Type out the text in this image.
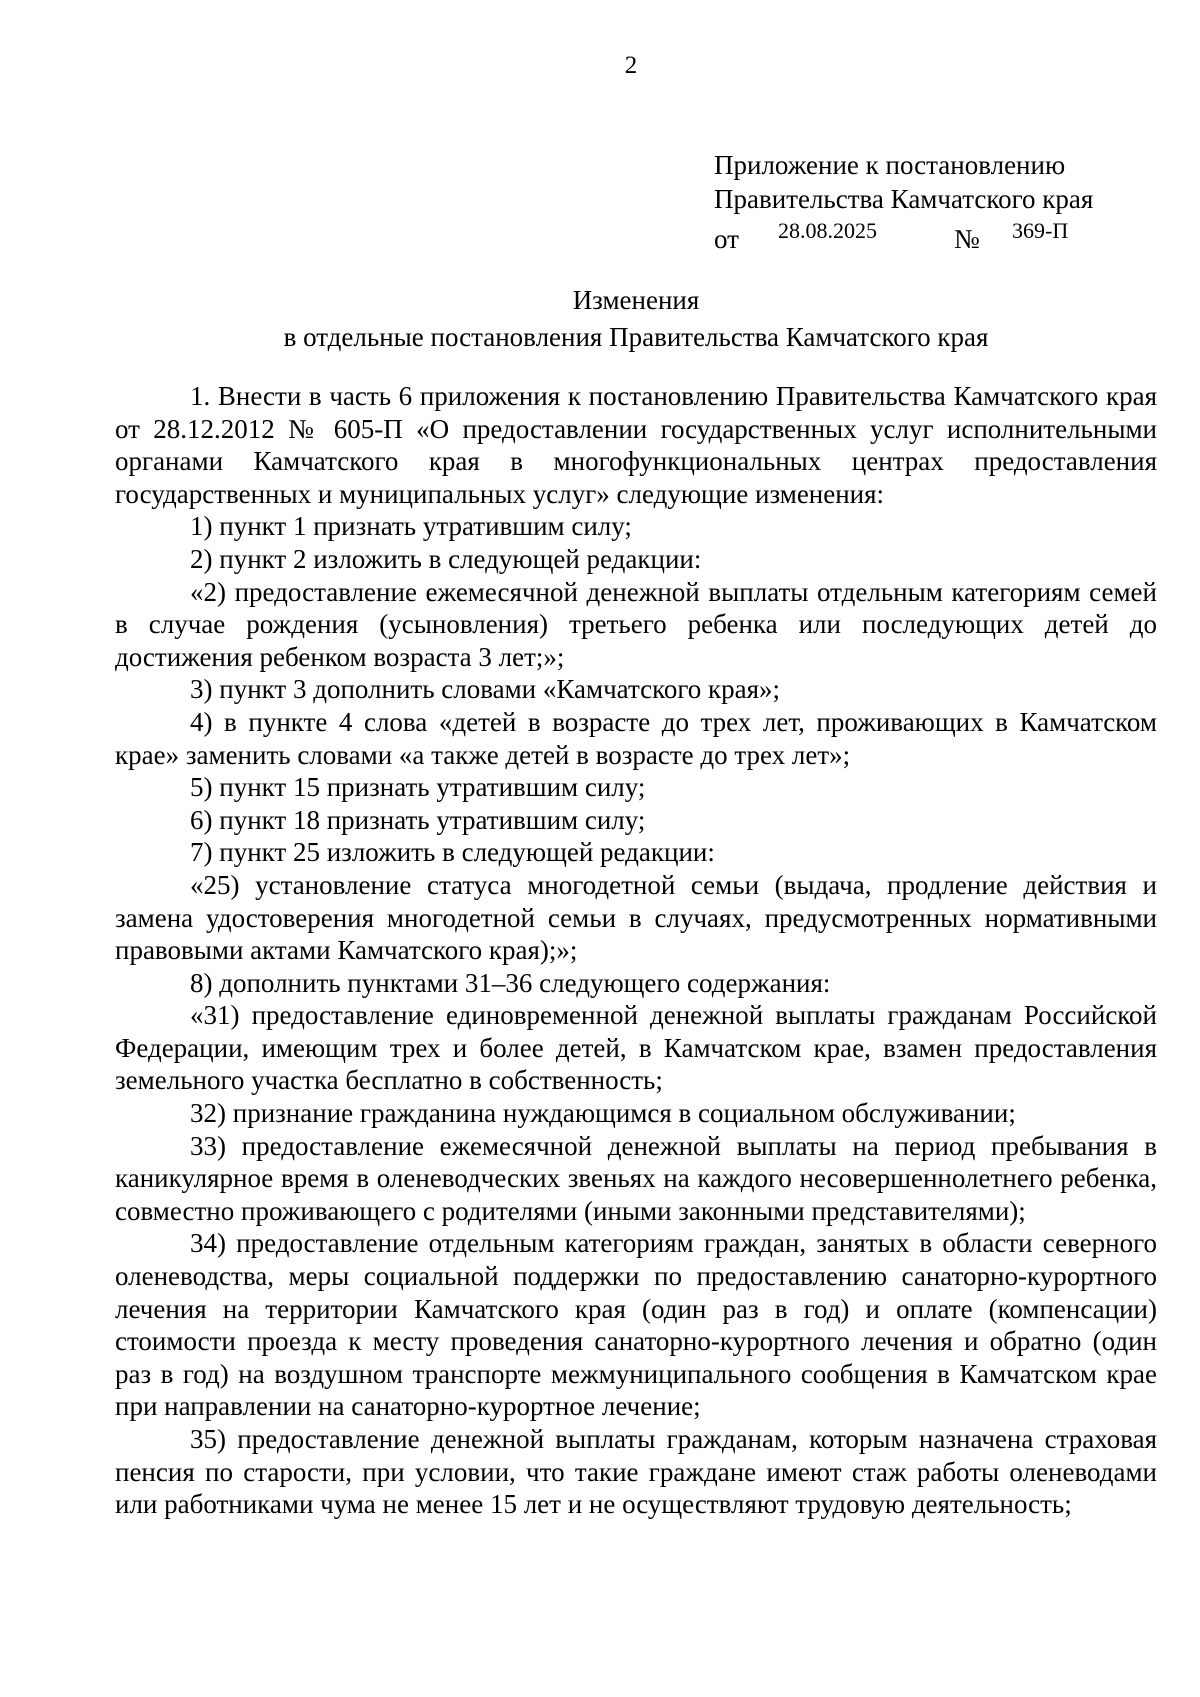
2
Приложение к постановлению
Правительства Камчатского края
от 28.08.2025	№ 369-П
Изменения
в отдельные постановления Правительства Камчатского края

1. Внести в часть 6 приложения к постановлению Правительства Камчатского края от 28.12.2012 № 605-П «О предоставлении государственных услуг исполнительными органами Камчатского края в многофункциональных центрах предоставления государственных и муниципальных услуг» следующие изменения:

1) пункт 1 признать утратившим силу;

2) пункт 2 изложить в следующей редакции:

«2) предоставление ежемесячной денежной выплаты отдельным категориям семей в случае рождения (усыновления) третьего ребенка или последующих детей до достижения ребенком возраста 3 лет;»;

3) пункт 3 дополнить словами «Камчатского края»;

4) в пункте 4 слова «детей в возрасте до трех лет, проживающих в Камчатском крае» заменить словами «а также детей в возрасте до трех лет»;

5) пункт 15 признать утратившим силу;

6) пункт 18 признать утратившим силу;

7) пункт 25 изложить в следующей редакции:

«25) установление статуса многодетной семьи (выдача, продление действия и замена удостоверения многодетной семьи в случаях, предусмотренных нормативными правовыми актами Камчатского края);»;

8) дополнить пунктами 31–36 следующего содержания:

«31) предоставление единовременной денежной выплаты гражданам Российской Федерации, имеющим трех и более детей, в Камчатском крае, взамен предоставления земельного участка бесплатно в собственность;

32) признание гражданина нуждающимся в социальном обслуживании;

33) предоставление ежемесячной денежной выплаты на период пребывания в каникулярное время в оленеводческих звеньях на каждого несовершеннолетнего ребенка, совместно проживающего с родителями (иными законными представителями);

34) предоставление отдельным категориям граждан, занятых в области северного оленеводства, меры социальной поддержки по предоставлению санаторно-курортного лечения на территории Камчатского края (один раз в год) и оплате (компенсации) стоимости проезда к месту проведения санаторно-курортного лечения и обратно (один раз в год) на воздушном транспорте межмуниципального сообщения в Камчатском крае при направлении на санаторно-курортное лечение;

35) предоставление денежной выплаты гражданам, которым назначена страховая пенсия по старости, при условии, что такие граждане имеют стаж работы оленеводами или работниками чума не менее 15 лет и не осуществляют трудовую деятельность;
